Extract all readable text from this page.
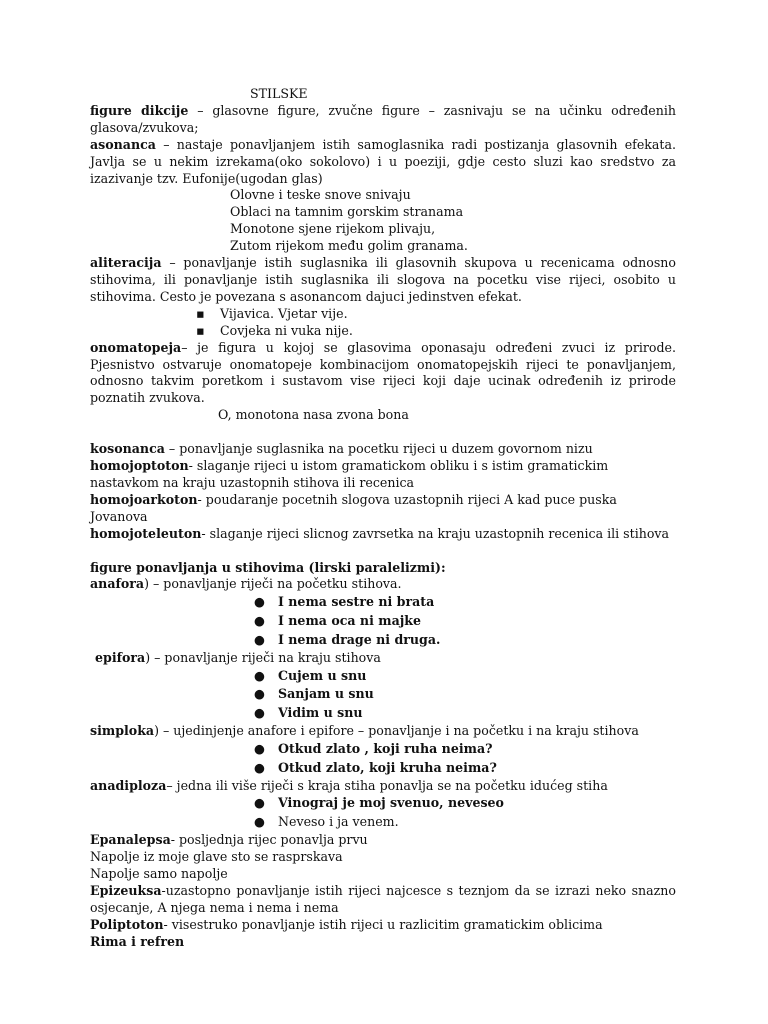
STILSKE
figure dikcije – glasovne figure, zvučne figure – zasnivaju se na učinku određenih glasova/zvukova;
asonanca – nastaje ponavljanjem istih samoglasnika radi postizanja glasovnih efekata. Javlja se u nekim izrekama(oko sokolovo) i u poeziji, gdje cesto sluzi kao sredstvo za izazivanje tzv. Eufonije(ugodan glas)
Olovne i teske snove snivaju
Oblaci na tamnim gorskim stranama
Monotone sjene rijekom plivaju,
Zutom rijekom među golim granama.
aliteracija – ponavljanje istih suglasnika ili glasovnih skupova u recenicama odnosno stihovima, ili ponavljanje istih suglasnika ili slogova na pocetku vise rijeci, osobito u stihovima. Cesto je povezana s asonancom dajuci jedinstven efekat.
▪ Vijavica. Vjetar vije.
▪ Covjeka ni vuka nije.
onomatopeja– je figura u kojoj se glasovima oponasaju određeni zvuci iz prirode. Pjesnistvo ostvaruje onomatopeje kombinacijom onomatopejskih rijeci te ponavljanjem, odnosno takvim poretkom i sustavom vise rijeci koji daje ucinak određenih iz prirode poznatih zvukova.
O, monotona nasa zvona bona
kosonanca – ponavljanje suglasnika na pocetku rijeci u duzem govornom nizu
homojoptoton- slaganje rijeci u istom gramatickom obliku i s istim gramatickim nastavkom na kraju uzastopnih stihova ili recenica
homojoarkoton- poudaranje pocetnih slogova uzastopnih rijeci A kad puce puska Jovanova
homojoteleuton- slaganje rijeci slicnog zavrsetka na kraju uzastopnih recenica ili stihova
figure ponavljanja u stihovima (lirski paralelizmi):
anafora) – ponavljanje riječi na početku stihova.
● I nema sestre ni brata
● I nema oca ni majke
● I nema drage ni druga.
epifora) – ponavljanje riječi na kraju stihova
● Cujem u snu
● Sanjam u snu
● Vidim u snu
simploka) – ujedinjenje anafore i epifore – ponavljanje i na početku i na kraju stihova
● Otkud zlato , koji ruha neima?
● Otkud zlato, koji kruha neima?
anadiploza– jedna ili više riječi s kraja stiha ponavlja se na početku idućeg stiha
● Vinograj je moj svenuo, neveseo
● Neveso i ja venem.
Epanalepsa- posljednja rijec ponavlja prvu
Napolje iz moje glave sto se rasprskava
Napolje samo napolje
Epizeuksa-uzastopno ponavljanje istih rijeci najcesce s teznjom da se izrazi neko snazno osjecanje, A njega nema i nema i nema
Poliptoton- visestruko ponavljanje istih rijeci u razlicitim gramatickim oblicima
Rima i refren
